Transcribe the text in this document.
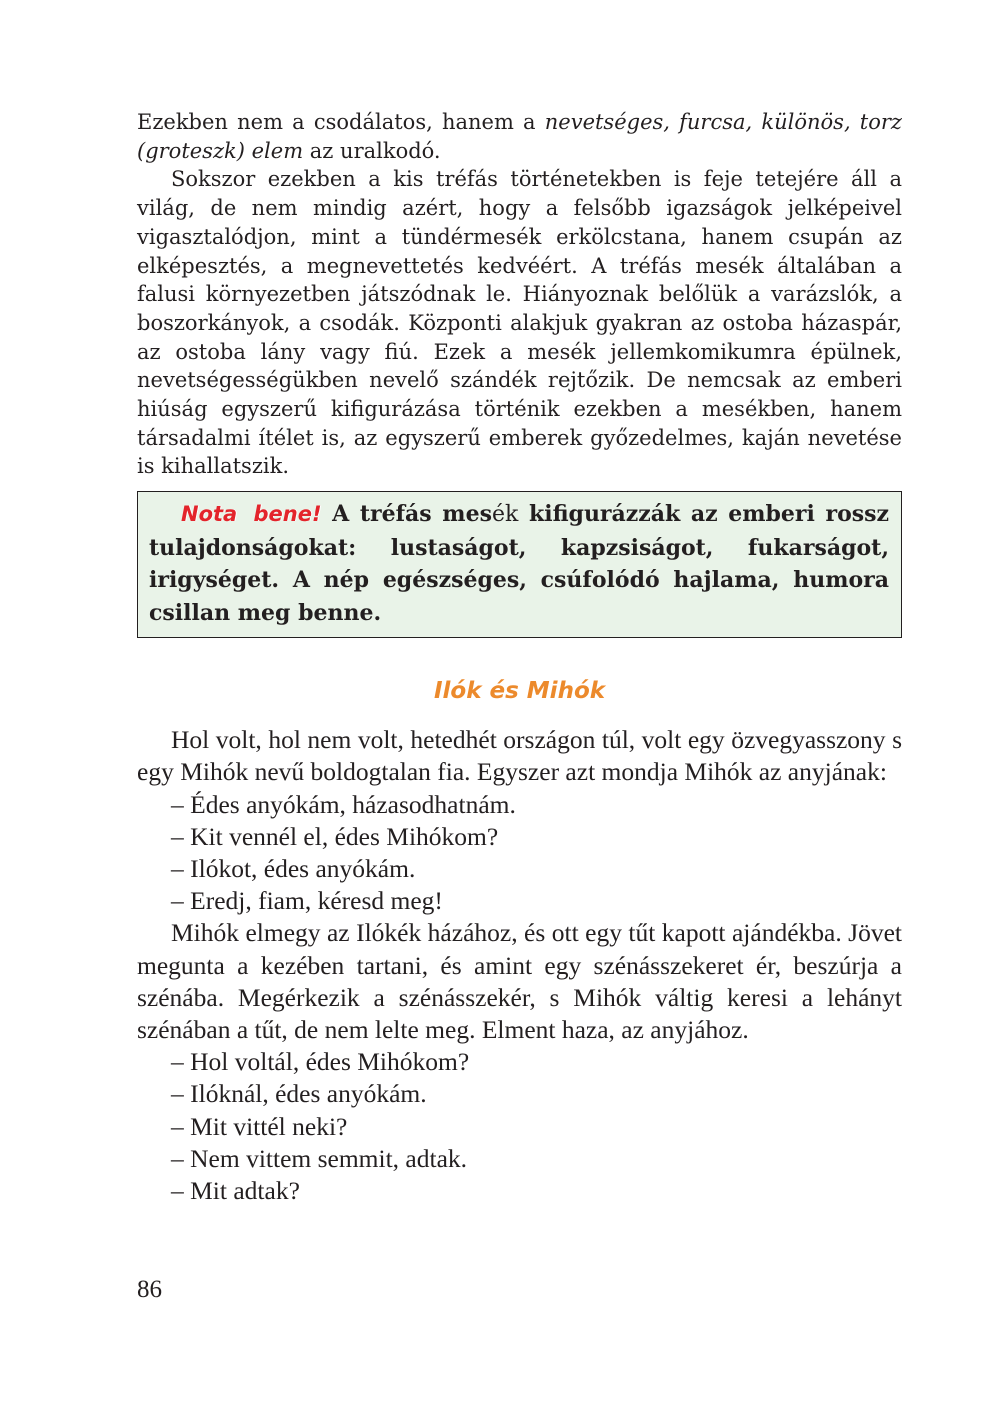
Ezekben nem a csodálatos, hanem a nevetséges, furcsa, különös, torz (groteszk) elem az uralkodó.

Sokszor ezekben a kis tréfás történetekben is feje tetejére áll a világ, de nem mindig azért, hogy a felsőbb igazságok jelképeivel vigasztalódjon, mint a tündérmesék erkölcstana, hanem csupán az elképesztés, a megnevettetés kedvéért. A tréfás mesék általában a falusi környezetben játszódnak le. Hiányoznak belőlük a varázslók, a boszorkányok, a csodák. Központi alakjuk gyakran az ostoba házaspár, az ostoba lány vagy fiú. Ezek a mesék jellemkomikumra épülnek, nevetségességükben nevelő szándék rejtőzik. De nemcsak az emberi hiúság egyszerű kifigurázása történik ezekben a mesékben, hanem társadalmi ítélet is, az egyszerű emberek győzedelmes, kaján nevetése is kihallatszik.

Nota bene! A tréfás mesék kifigurázzák az emberi rossz tulajdonságokat: lustaságot, kapzsiságot, fukarságot, irigységet. A nép egészséges, csúfolódó hajlama, humora csillan meg benne.
Ilók és Mihók

Hol volt, hol nem volt, hetedhét országon túl, volt egy özvegyasszony s egy Mihók nevű boldogtalan fia. Egyszer azt mondja Mihók az anyjának:

– Édes anyókám, házasodhatnám.

– Kit vennél el, édes Mihókom?

– Ilókot, édes anyókám.

– Eredj, fiam, kéresd meg!

Mihók elmegy az Ilókék házához, és ott egy tűt kapott ajándékba. Jövet megunta a kezében tartani, és amint egy szénásszekeret ér, beszúrja a szénába. Megérkezik a szénásszekér, s Mihók váltig keresi a lehányt szénában a tűt, de nem lelte meg. Elment haza, az anyjához.

– Hol voltál, édes Mihókom?

– Ilóknál, édes anyókám.

– Mit vittél neki?

– Nem vittem semmit, adtak.

– Mit adtak?

86
